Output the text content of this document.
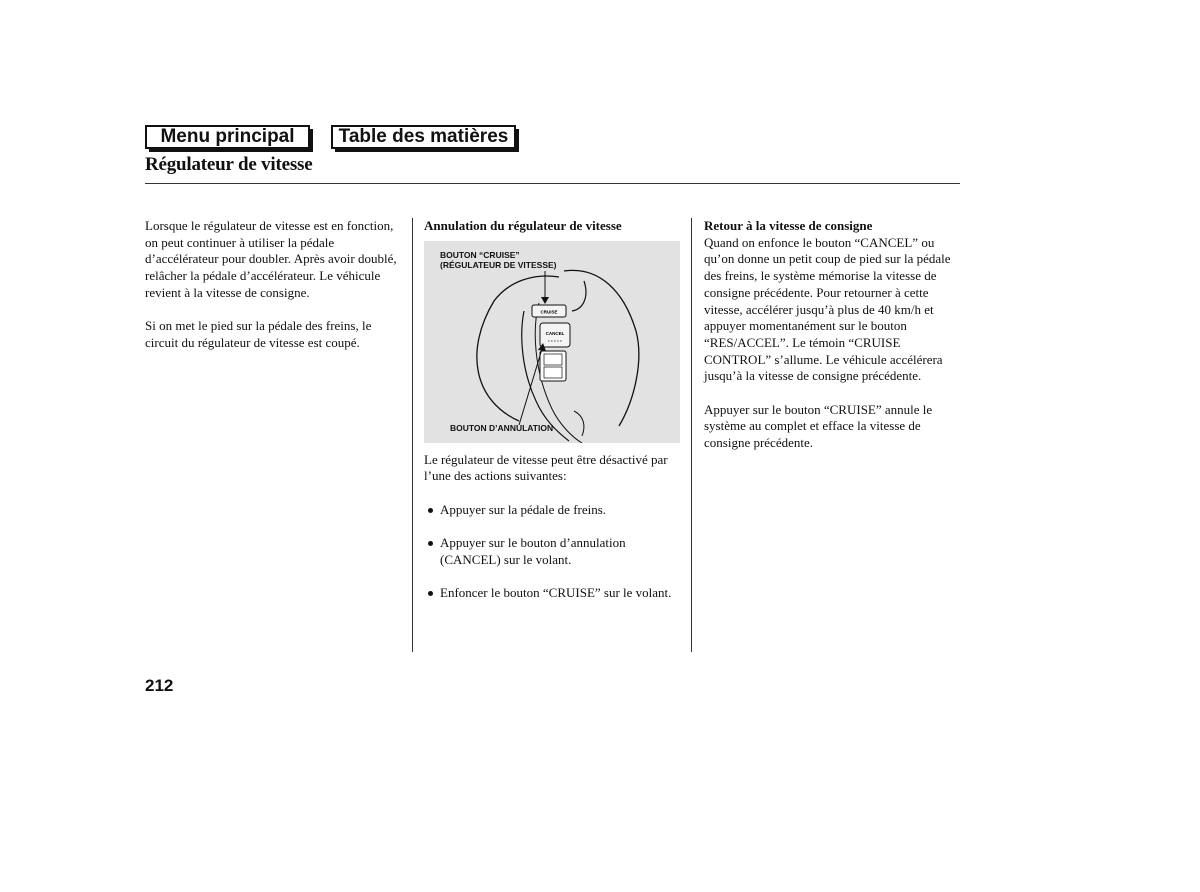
Menu principal	Table des matières
Régulateur de vitesse

Lorsque le régulateur de vitesse est en fonction, on peut continuer à utiliser la pédale d’accélérateur pour doubler. Après avoir doublé, relâcher la pédale d’accélérateur. Le véhicule revient à la vitesse de consigne.

Si on met le pied sur la pédale des freins, le circuit du régulateur de vitesse est coupé.

Annulation du régulateur de vitesse
CRUISE
CANCEL
BOUTON “CRUISE”
(RÉGULATEUR DE VITESSE)
BOUTON D’ANNULATION

Le régulateur de vitesse peut être désactivé par l’une des actions suivantes:

Appuyer sur la pédale de freins.
Appuyer sur le bouton d’annulation (CANCEL) sur le volant.
Enfoncer le bouton “CRUISE” sur le volant.
Retour à la vitesse de consigne

Quand on enfonce le bouton “CANCEL” ou qu’on donne un petit coup de pied sur la pédale des freins, le système mémorise la vitesse de consigne précédente. Pour retourner à cette vitesse, accélérer jusqu’à plus de 40 km/h et appuyer momentanément sur le bouton “RES/ACCEL”. Le témoin “CRUISE CONTROL” s’allume. Le véhicule accélérera jusqu’à la vitesse de consigne précédente.

Appuyer sur le bouton “CRUISE” annule le système au complet et efface la vitesse de consigne précédente.

212
